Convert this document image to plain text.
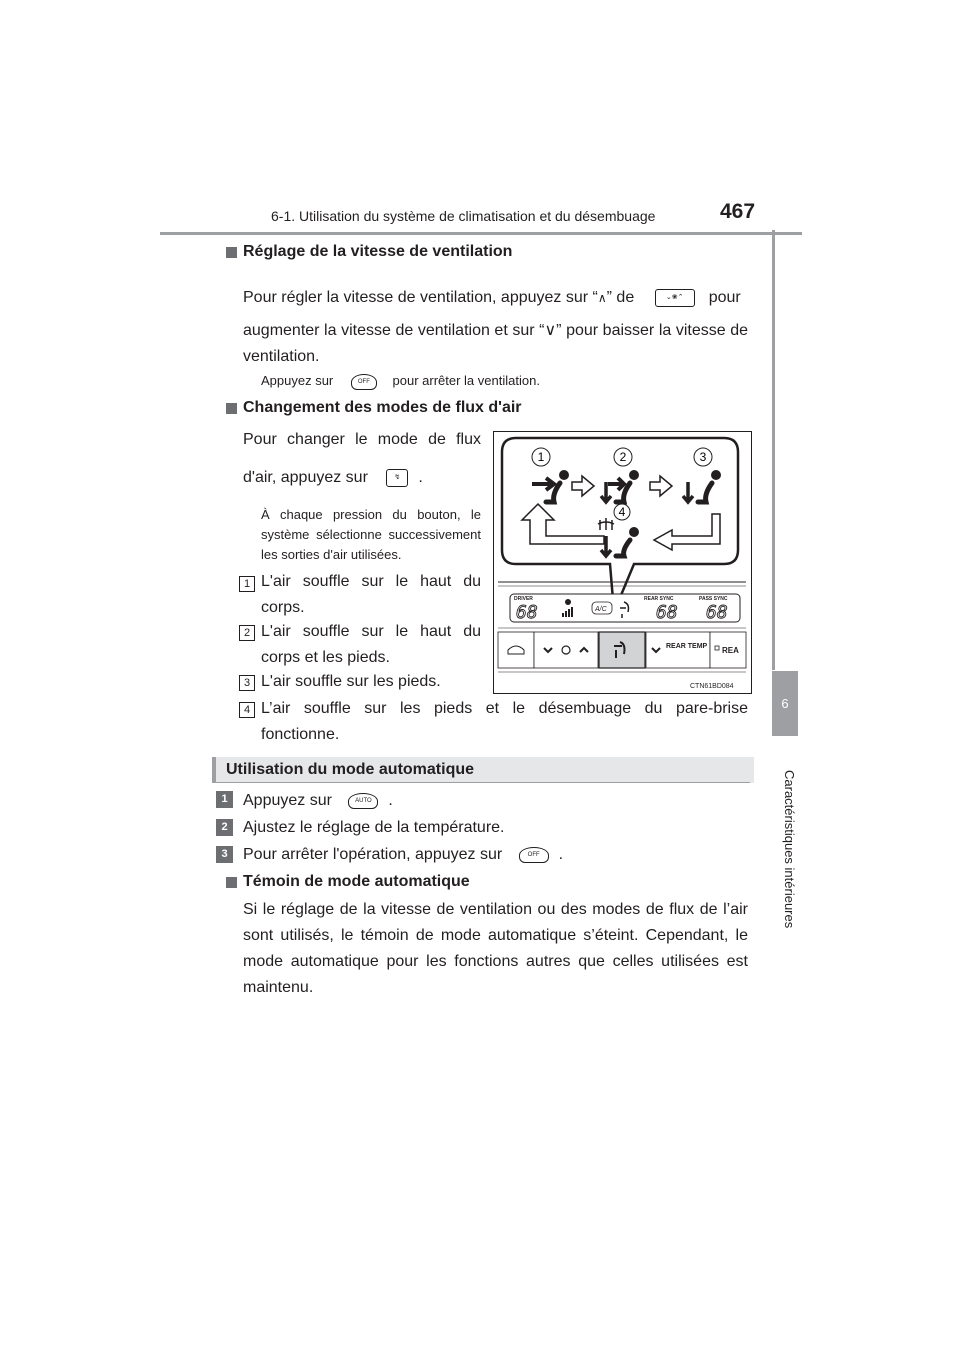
6-1. Utilisation du système de climatisation et du désembuage	467
6
Caractéristiques intérieures
Réglage de la vitesse de ventilation
Pour régler la vitesse de ventilation, appuyez sur “∧” de	⌄❀⌃ pour
augmenter la vitesse de ventilation et sur “∨” pour baisser la vitesse de ventilation.
Appuyez sur	OFF pour arrêter la ventilation.
Changement des modes de flux d'air
Pour changer le mode de flux
d'air, appuyez sur	↯ .
À chaque pression du bouton, le système sélectionne successivement les sorties d'air utilisées.
1 L'air souffle sur le haut du corps.
2 L'air souffle sur le haut du corps et les pieds.
3 L'air souffle sur les pieds.
4 L’air souffle sur les pieds et le désembuage du pare-brise fonctionne.
1	2	3
4
DRIVER	REAR SYNC	PASS SYNC
68	68 68
A/C
REAR TEMP REA
CTN61BD084
Utilisation du mode automatique
1 Appuyez sur	AUTO .
2 Ajustez le réglage de la température.
3 Pour arrêter l'opération, appuyez sur	OFF .
Témoin de mode automatique
Si le réglage de la vitesse de ventilation ou des modes de flux de l’air sont utilisés, le témoin de mode automatique s’éteint. Cependant, le mode automatique pour les fonctions autres que celles utilisées est maintenu.
